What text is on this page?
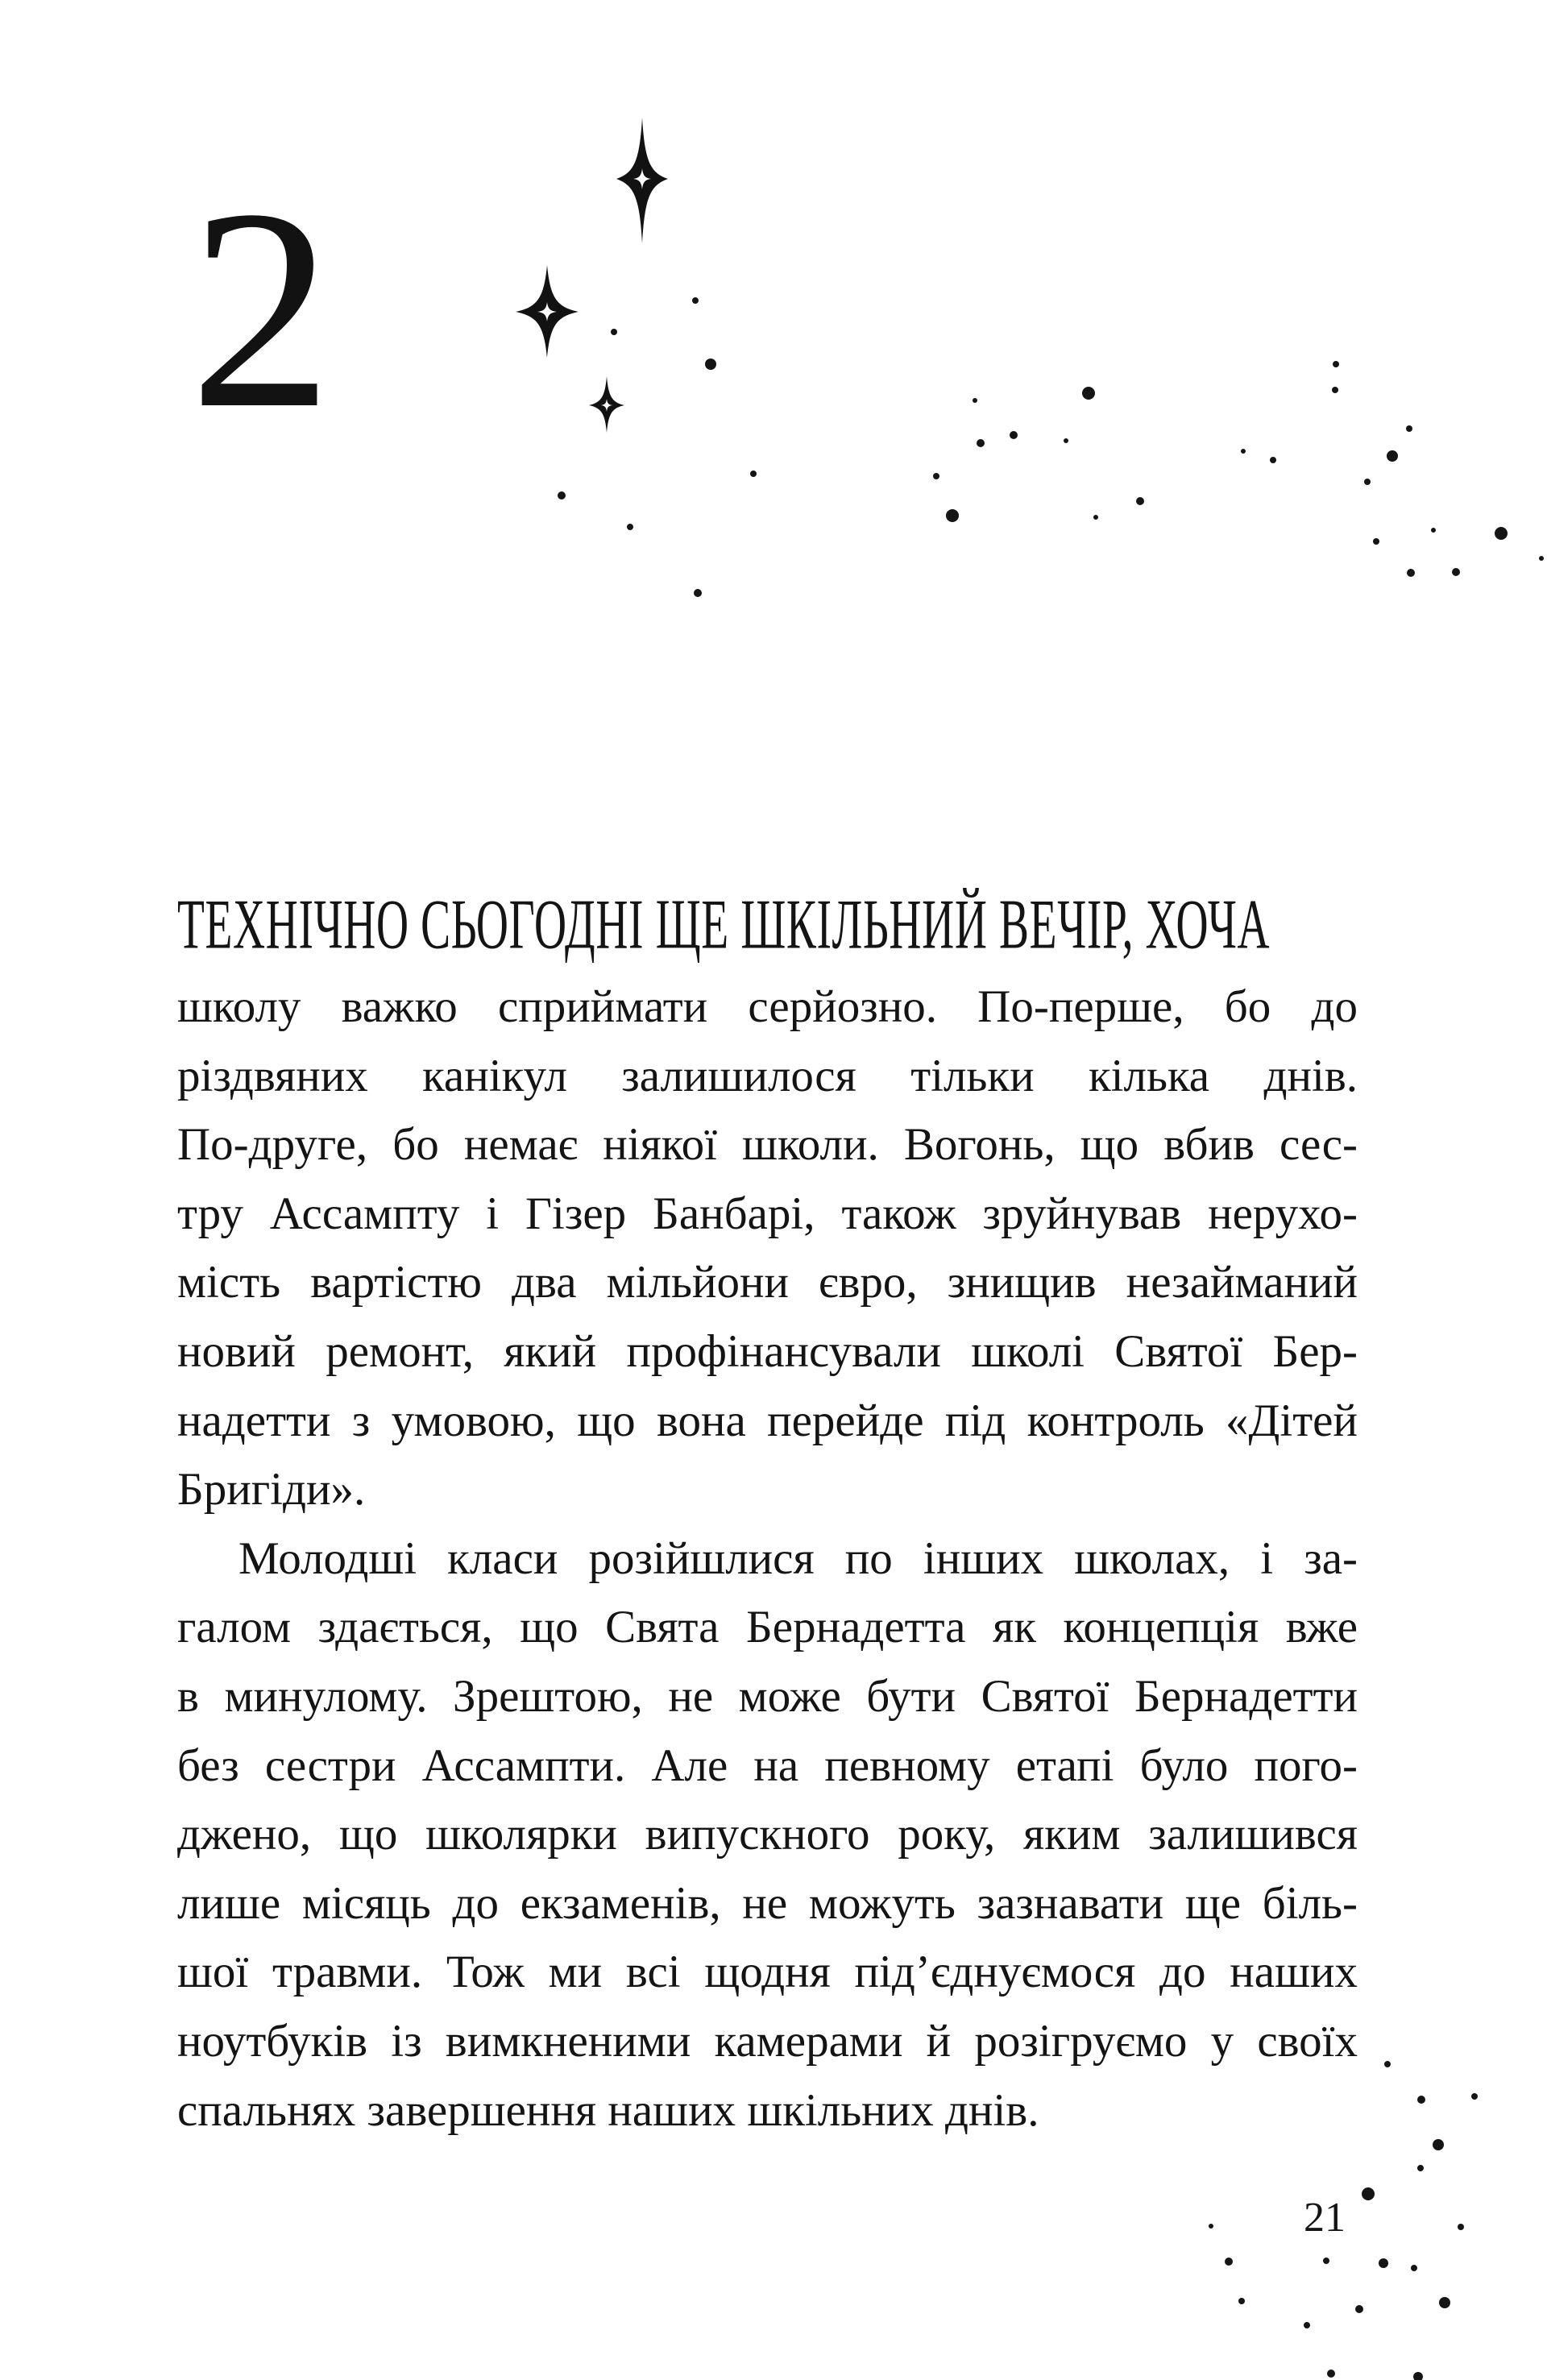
2
ТЕХНІЧНО СЬОГОДНІ ЩЕ ШКІЛЬНИЙ ВЕЧІР, ХОЧА
школу важко сприймати серйозно. По-перше, бо до
різдвяних канікул залишилося тільки кілька днів.
По-друге, бо немає ніякої школи. Вогонь, що вбив сес-
тру Ассампту і Гізер Банбарі, також зруйнував нерухо-
мість вартістю два мільйони євро, знищив незайманий
новий ремонт, який профінансували школі Святої Бер-
надетти з умовою, що вона перейде під контроль «Дітей
Бригіди».
Молодші класи розійшлися по інших школах, і за-
галом здається, що Свята Бернадетта як концепція вже
в минулому. Зрештою, не може бути Святої Бернадетти
без сестри Ассампти. Але на певному етапі було пого-
джено, що школярки випускного року, яким залишився
лише місяць до екзаменів, не можуть зазнавати ще біль-
шої травми. Тож ми всі щодня під’єднуємося до наших
ноутбуків із вимкненими камерами й розігруємо у своїх
спальнях завершення наших шкільних днів.
21
